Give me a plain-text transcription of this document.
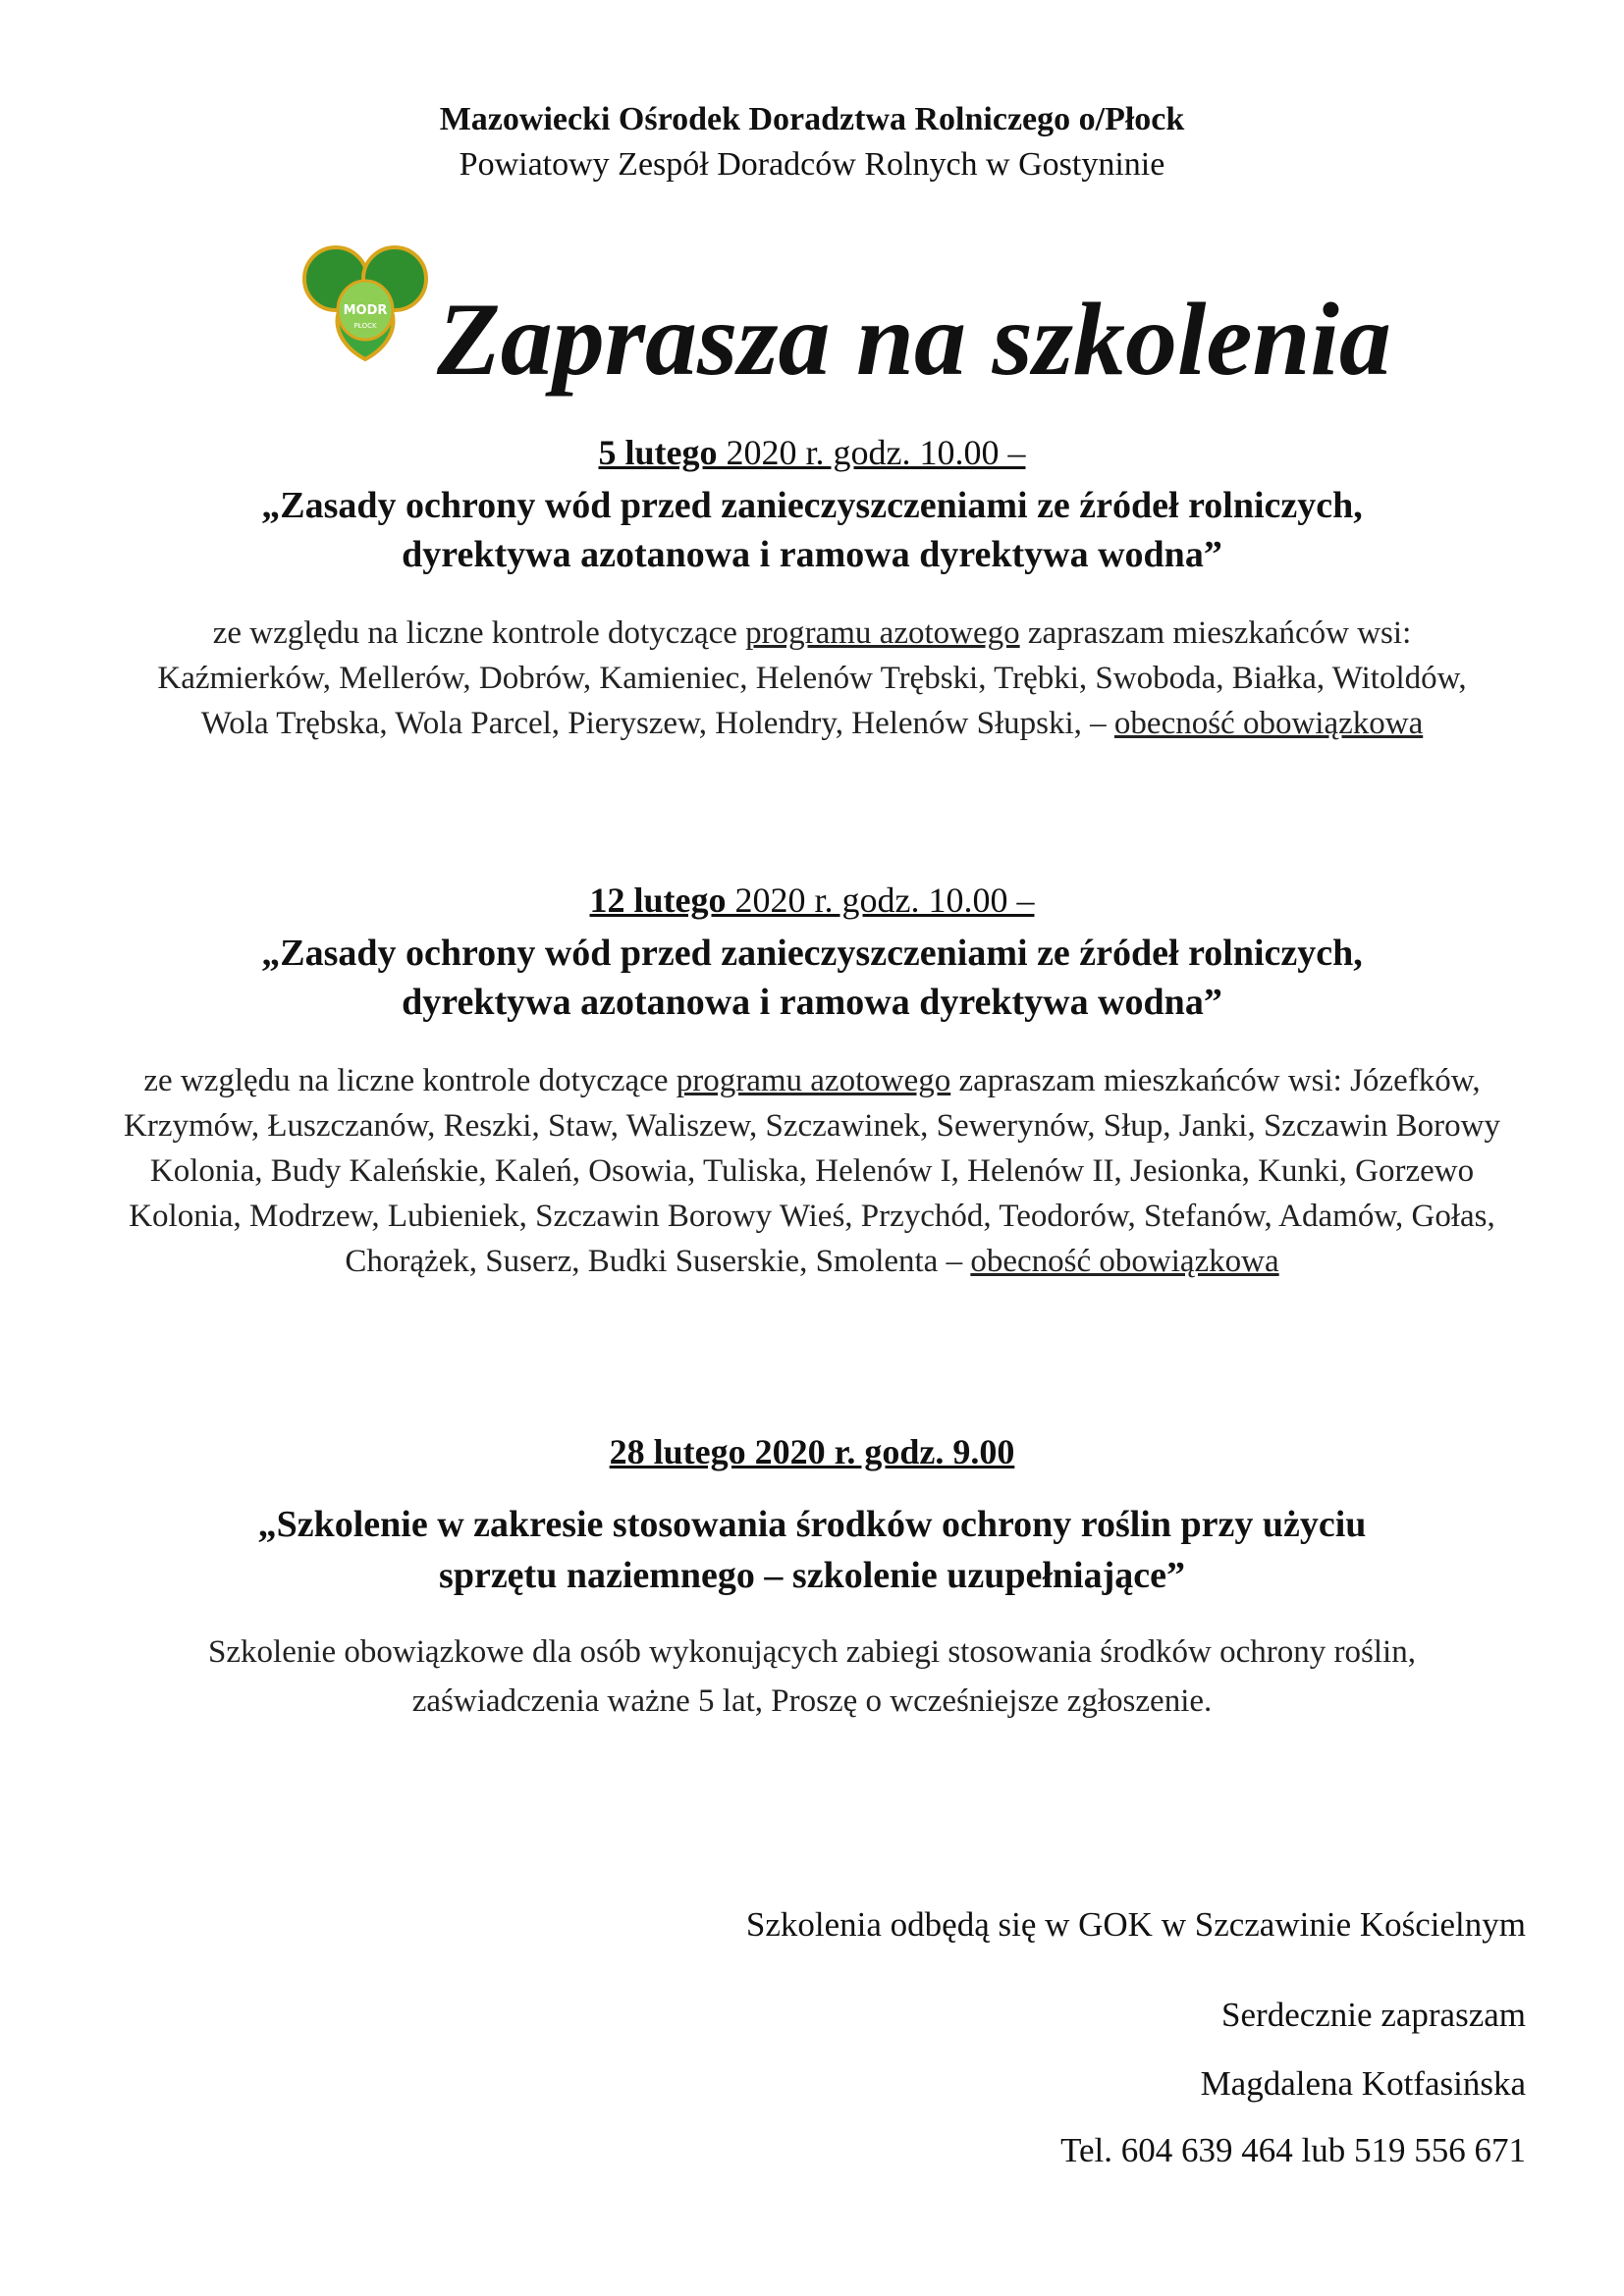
Mazowiecki Ośrodek Doradztwa Rolniczego o/Płock
Powiatowy Zespół Doradców Rolnych w Gostyninie
MODR
PŁOCK Zaprasza na szkolenia
5 lutego 2020 r. godz. 10.00 –
„Zasady ochrony wód przed zanieczyszczeniami ze źródeł rolniczych,
dyrektywa azotanowa i ramowa dyrektywa wodna”
ze względu na liczne kontrole dotyczące programu azotowego zapraszam mieszkańców wsi: Kaźmierków, Mellerów, Dobrów, Kamieniec, Helenów Trębski, Trębki, Swoboda, Białka, Witoldów, Wola Trębska, Wola Parcel, Pieryszew, Holendry, Helenów Słupski, – obecność obowiązkowa
12 lutego 2020 r. godz. 10.00 –
„Zasady ochrony wód przed zanieczyszczeniami ze źródeł rolniczych,
dyrektywa azotanowa i ramowa dyrektywa wodna”
ze względu na liczne kontrole dotyczące programu azotowego zapraszam mieszkańców wsi: Józefków, Krzymów, Łuszczanów, Reszki, Staw, Waliszew, Szczawinek, Sewerynów, Słup, Janki, Szczawin Borowy Kolonia, Budy Kaleńskie, Kaleń, Osowia, Tuliska, Helenów I, Helenów II, Jesionka, Kunki, Gorzewo Kolonia, Modrzew, Lubieniek, Szczawin Borowy Wieś, Przychód, Teodorów, Stefanów, Adamów, Gołas, Chorążek, Suserz, Budki Suserskie, Smolenta – obecność obowiązkowa
28 lutego 2020 r. godz. 9.00
„Szkolenie w zakresie stosowania środków ochrony roślin przy użyciu
sprzętu naziemnego – szkolenie uzupełniające”
Szkolenie obowiązkowe dla osób wykonujących zabiegi stosowania środków ochrony roślin,
zaświadczenia ważne 5 lat, Proszę o wcześniejsze zgłoszenie.
Szkolenia odbędą się w GOK w Szczawinie Kościelnym
Serdecznie zapraszam
Magdalena Kotfasińska
Tel. 604 639 464 lub 519 556 671
